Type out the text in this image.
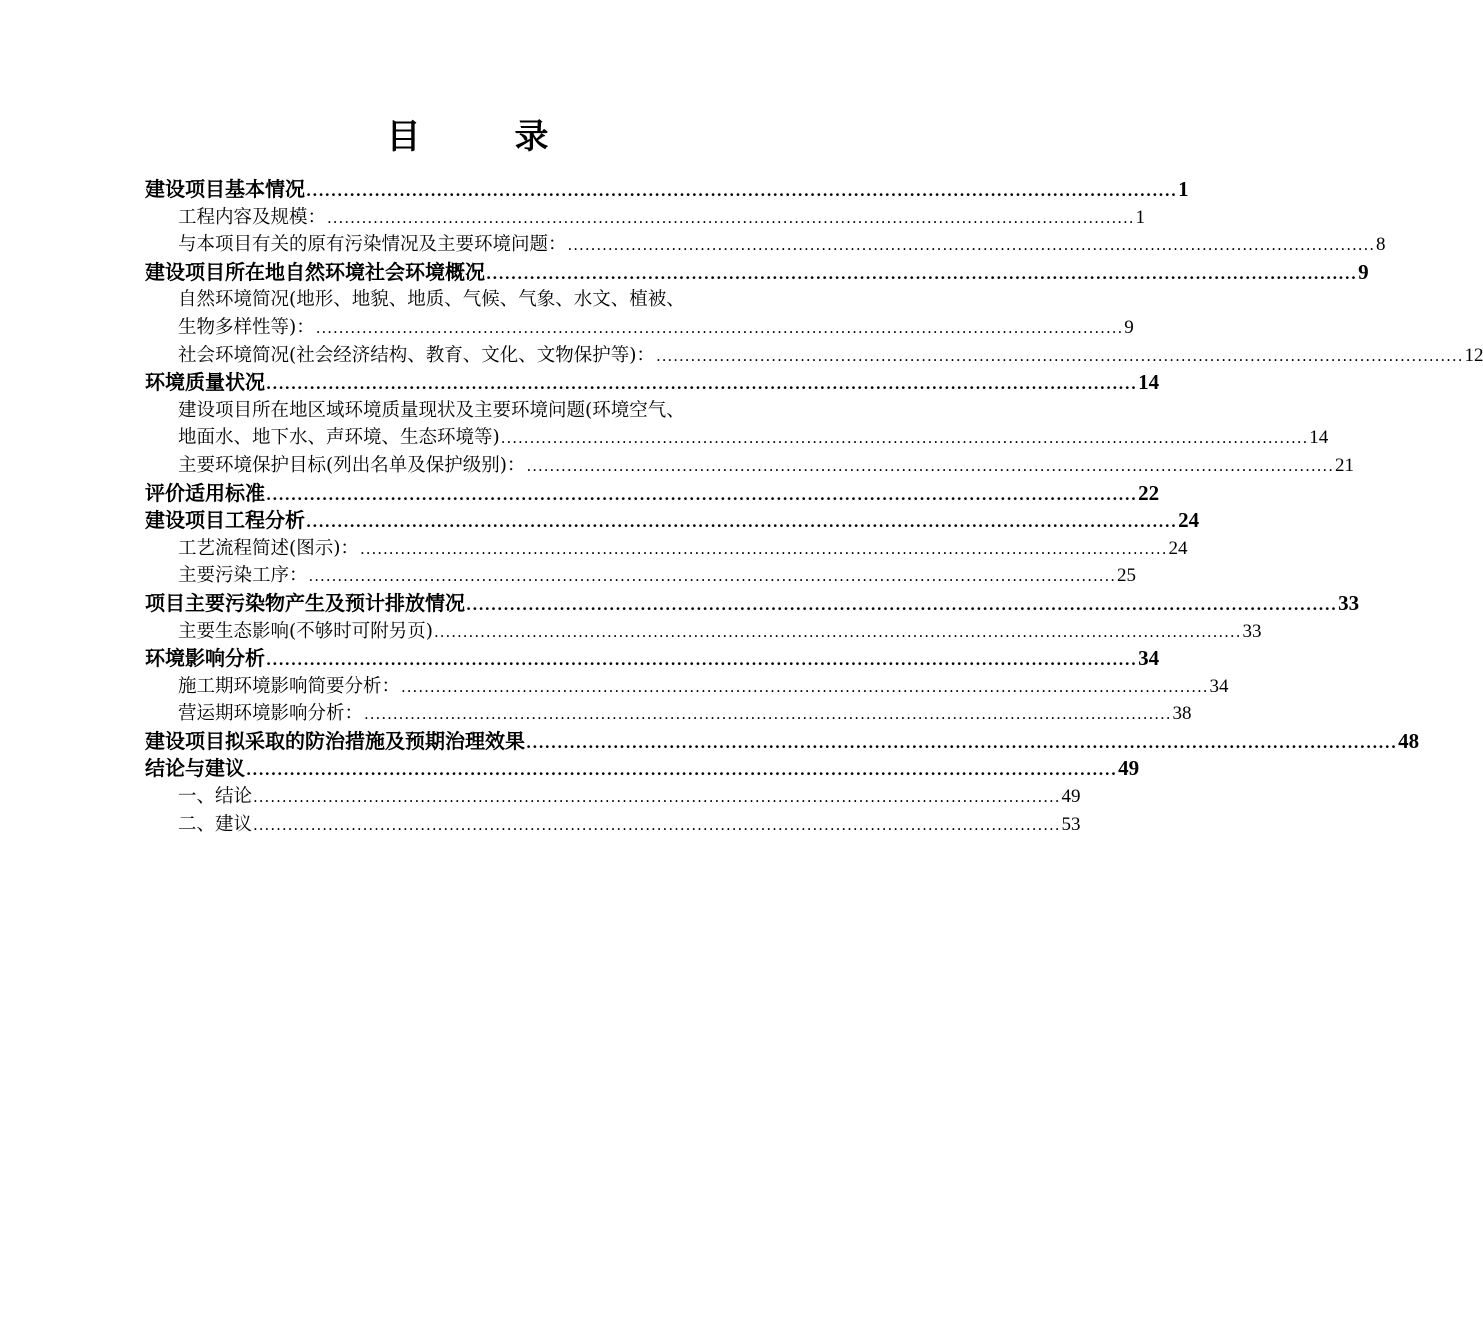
目　录
建设项目基本情况 ............................................................................................................................................ 1
工程内容及规模： ............................................................................................................................................ 1
与本项目有关的原有污染情况及主要环境问题： ............................................................................................................................................ 8
建设项目所在地自然环境社会环境概况 ............................................................................................................................................ 9
自然环境简况(地形、地貌、地质、气候、气象、水文、植被、
生物多样性等)： ............................................................................................................................................ 9
社会环境简况(社会经济结构、教育、文化、文物保护等)： ............................................................................................................................................ 12
环境质量状况 ............................................................................................................................................ 14
建设项目所在地区域环境质量现状及主要环境问题(环境空气、
地面水、地下水、声环境、生态环境等) ............................................................................................................................................ 14
主要环境保护目标(列出名单及保护级别)： ............................................................................................................................................ 21
评价适用标准 ............................................................................................................................................ 22
建设项目工程分析 ............................................................................................................................................ 24
工艺流程简述(图示)： ............................................................................................................................................ 24
主要污染工序： ............................................................................................................................................ 25
项目主要污染物产生及预计排放情况 ............................................................................................................................................ 33
主要生态影响(不够时可附另页) ............................................................................................................................................ 33
环境影响分析 ............................................................................................................................................ 34
施工期环境影响简要分析： ............................................................................................................................................ 34
营运期环境影响分析： ............................................................................................................................................ 38
建设项目拟采取的防治措施及预期治理效果 ............................................................................................................................................ 48
结论与建议 ............................................................................................................................................ 49
一、结论 ............................................................................................................................................ 49
二、建议 ............................................................................................................................................ 53
